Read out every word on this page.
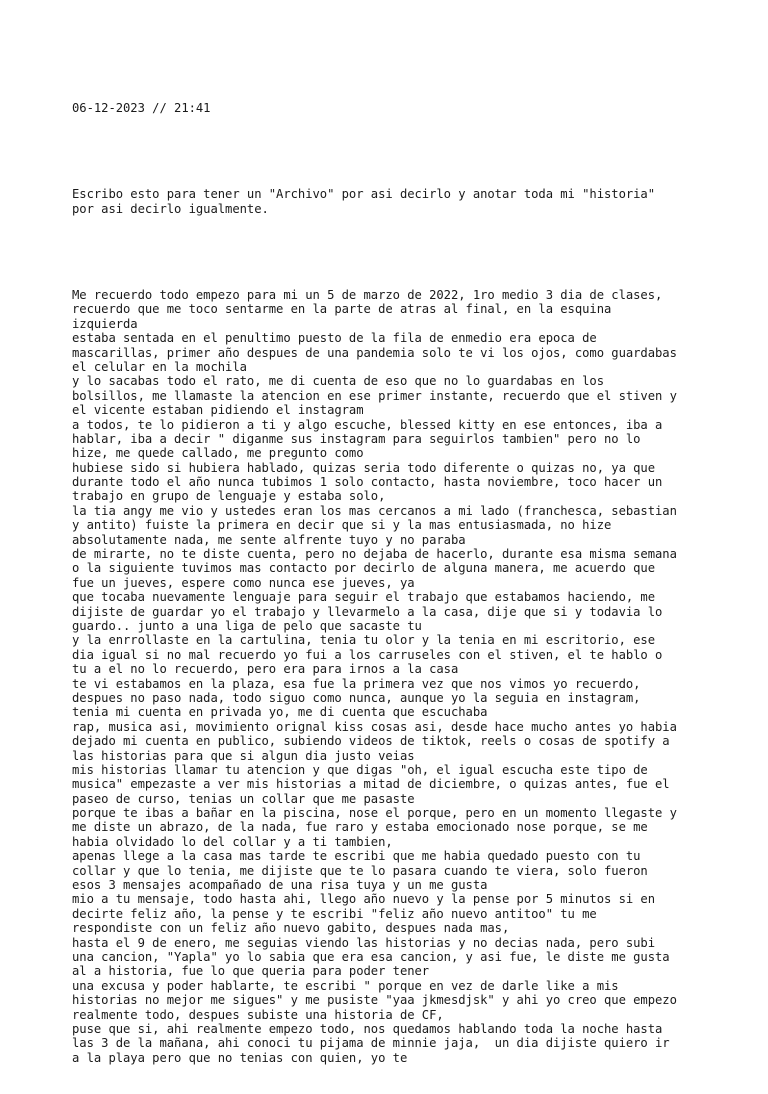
06-12-2023 // 21:41

Escribo esto para tener un "Archivo" por asi decirlo y anotar toda mi "historia"
por asi decirlo igualmente.

Me recuerdo todo empezo para mi un 5 de marzo de 2022, 1ro medio 3 dia de clases,
recuerdo que me toco sentarme en la parte de atras al final, en la esquina
izquierda
estaba sentada en el penultimo puesto de la fila de enmedio era epoca de
mascarillas, primer año despues de una pandemia solo te vi los ojos, como guardabas
el celular en la mochila
y lo sacabas todo el rato, me di cuenta de eso que no lo guardabas en los
bolsillos, me llamaste la atencion en ese primer instante, recuerdo que el stiven y
el vicente estaban pidiendo el instagram
a todos, te lo pidieron a ti y algo escuche, blessed kitty en ese entonces, iba a
hablar, iba a decir " diganme sus instagram para seguirlos tambien" pero no lo
hize, me quede callado, me pregunto como
hubiese sido si hubiera hablado, quizas seria todo diferente o quizas no, ya que
durante todo el año nunca tubimos 1 solo contacto, hasta noviembre, toco hacer un
trabajo en grupo de lenguaje y estaba solo,
la tia angy me vio y ustedes eran los mas cercanos a mi lado (franchesca, sebastian
y antito) fuiste la primera en decir que si y la mas entusiasmada, no hize
absolutamente nada, me sente alfrente tuyo y no paraba
de mirarte, no te diste cuenta, pero no dejaba de hacerlo, durante esa misma semana
o la siguiente tuvimos mas contacto por decirlo de alguna manera, me acuerdo que
fue un jueves, espere como nunca ese jueves, ya
que tocaba nuevamente lenguaje para seguir el trabajo que estabamos haciendo, me
dijiste de guardar yo el trabajo y llevarmelo a la casa, dije que si y todavia lo
guardo.. junto a una liga de pelo que sacaste tu
y la enrrollaste en la cartulina, tenia tu olor y la tenia en mi escritorio, ese
dia igual si no mal recuerdo yo fui a los carruseles con el stiven, el te hablo o
tu a el no lo recuerdo, pero era para irnos a la casa
te vi estabamos en la plaza, esa fue la primera vez que nos vimos yo recuerdo,
despues no paso nada, todo siguo como nunca, aunque yo la seguia en instagram,
tenia mi cuenta en privada yo, me di cuenta que escuchaba
rap, musica asi, movimiento orignal kiss cosas asi, desde hace mucho antes yo habia
dejado mi cuenta en publico, subiendo videos de tiktok, reels o cosas de spotify a
las historias para que si algun dia justo veias
mis historias llamar tu atencion y que digas "oh, el igual escucha este tipo de
musica" empezaste a ver mis historias a mitad de diciembre, o quizas antes, fue el
paseo de curso, tenias un collar que me pasaste
porque te ibas a bañar en la piscina, nose el porque, pero en un momento llegaste y
me diste un abrazo, de la nada, fue raro y estaba emocionado nose porque, se me
habia olvidado lo del collar y a ti tambien,
apenas llege a la casa mas tarde te escribi que me habia quedado puesto con tu
collar y que lo tenia, me dijiste que te lo pasara cuando te viera, solo fueron
esos 3 mensajes acompañado de una risa tuya y un me gusta
mio a tu mensaje, todo hasta ahi, llego año nuevo y la pense por 5 minutos si en
decirte feliz año, la pense y te escribi "feliz año nuevo antitoo" tu me
respondiste con un feliz año nuevo gabito, despues nada mas,
hasta el 9 de enero, me seguias viendo las historias y no decias nada, pero subi
una cancion, "Yapla" yo lo sabia que era esa cancion, y asi fue, le diste me gusta
al a historia, fue lo que queria para poder tener
una excusa y poder hablarte, te escribi " porque en vez de darle like a mis
historias no mejor me sigues" y me pusiste "yaa jkmesdjsk" y ahi yo creo que empezo
realmente todo, despues subiste una historia de CF,
puse que si, ahi realmente empezo todo, nos quedamos hablando toda la noche hasta
las 3 de la mañana, ahi conoci tu pijama de minnie jaja,  un dia dijiste quiero ir
a la playa pero que no tenias con quien, yo te
